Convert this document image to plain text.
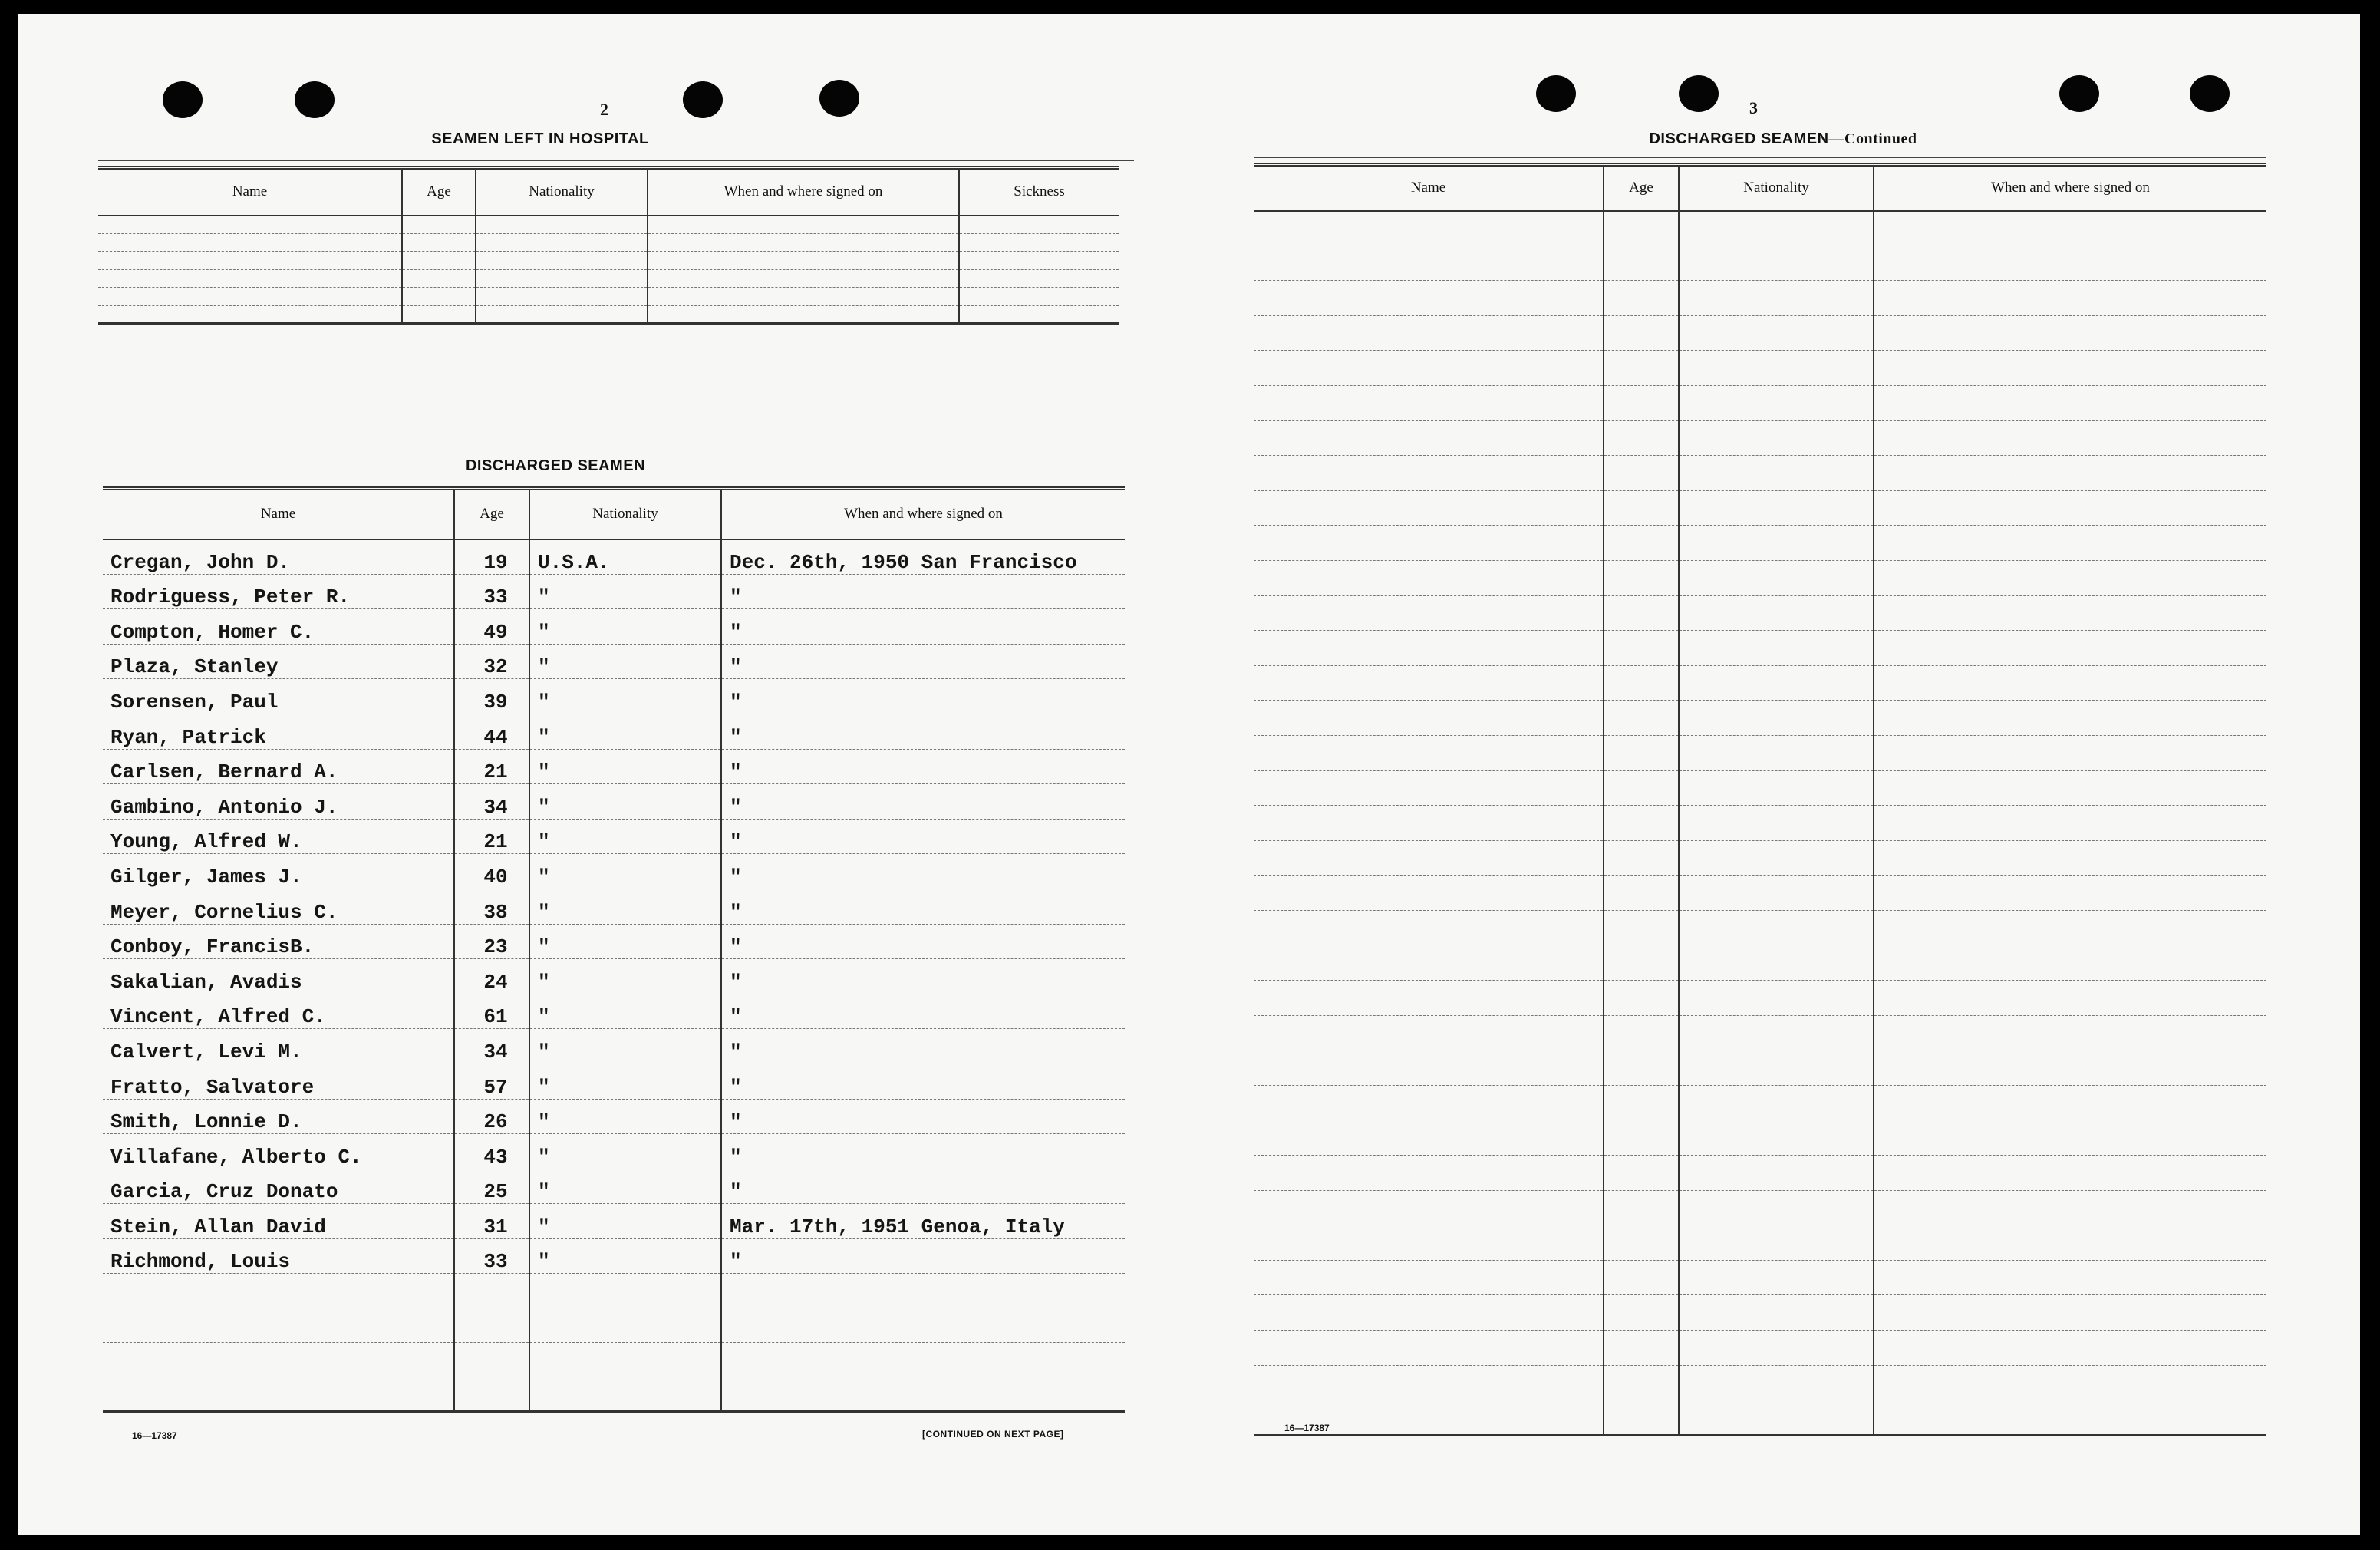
2
SEAMEN LEFT IN HOSPITAL
Name	Age	Nationality	When and where signed on	Sickness

DISCHARGED SEAMEN
Name	Age	Nationality	When and where signed on
Cregan, John D.	19	U.S.A.	Dec. 26th, 1950 San Francisco
Rodriguess, Peter R.	33	"	"
Compton, Homer C.	49	"	"
Plaza, Stanley	32	"	"
Sorensen, Paul	39	"	"
Ryan, Patrick	44	"	"
Carlsen, Bernard A.	21	"	"
Gambino, Antonio J.	34	"	"
Young, Alfred W.	21	"	"
Gilger, James J.	40	"	"
Meyer, Cornelius C.	38	"	"
Conboy, FrancisB.	23	"	"
Sakalian, Avadis	24	"	"
Vincent, Alfred C.	61	"	"
Calvert, Levi M.	34	"	"
Fratto, Salvatore	57	"	"
Smith, Lonnie D.	26	"	"
Villafane, Alberto C.	43	"	"
Garcia, Cruz Donato	25	"	"
Stein, Allan David	31	"	Mar. 17th, 1951 Genoa, Italy
Richmond, Louis	33	"	"

16—17387	[CONTINUED ON NEXT PAGE]
3
DISCHARGED SEAMEN—Continued
Name	Age	Nationality	When and where signed on

16—17387
